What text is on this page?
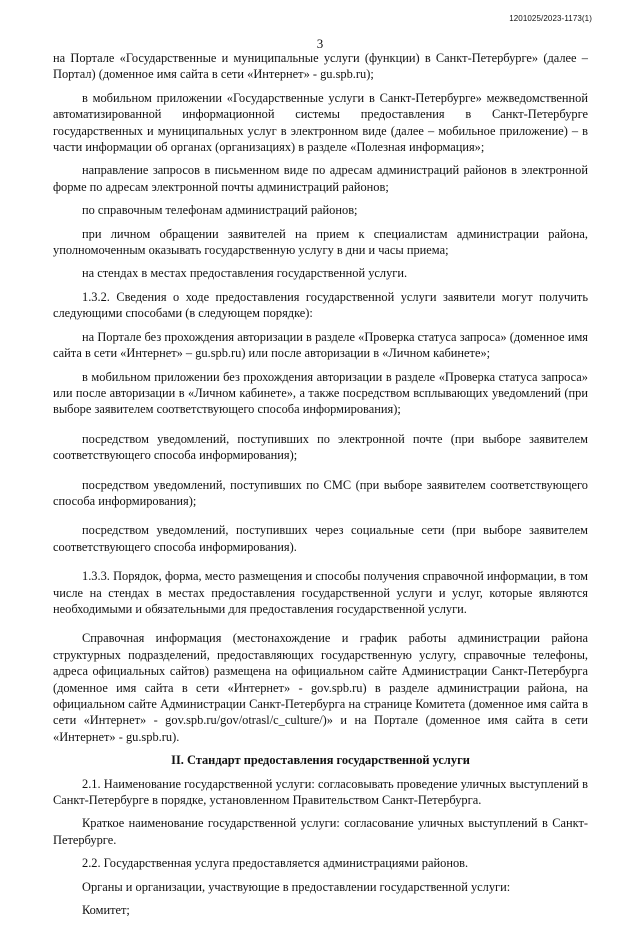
1201025/2023-1173(1)
3

на Портале «Государственные и муниципальные услуги (функции) в Санкт-Петербурге» (далее – Портал) (доменное имя сайта в сети «Интернет» - gu.spb.ru);

в мобильном приложении «Государственные услуги в Санкт-Петербурге» межведомственной автоматизированной информационной системы предоставления в Санкт-Петербурге государственных и муниципальных услуг в электронном виде (далее – мобильное приложение) – в части информации об органах (организациях) в разделе «Полезная информация»;

направление запросов в письменном виде по адресам администраций районов в электронной форме по адресам электронной почты администраций районов;

по справочным телефонам администраций районов;

при личном обращении заявителей на прием к специалистам администрации района, уполномоченным оказывать государственную услугу в дни и часы приема;

на стендах в местах предоставления государственной услуги.

1.3.2. Сведения о ходе предоставления государственной услуги заявители могут получить следующими способами (в следующем порядке):

на Портале без прохождения авторизации в разделе «Проверка статуса запроса» (доменное имя сайта в сети «Интернет» – gu.spb.ru) или после авторизации в «Личном кабинете»;

в мобильном приложении без прохождения авторизации в разделе «Проверка статуса запроса» или после авторизации в «Личном кабинете», а также посредством всплывающих уведомлений (при выборе заявителем соответствующего способа информирования);

посредством уведомлений, поступивших по электронной почте (при выборе заявителем соответствующего способа информирования);

посредством уведомлений, поступивших по СМС (при выборе заявителем соответствующего способа информирования);

посредством уведомлений, поступивших через социальные сети (при выборе заявителем соответствующего способа информирования).

1.3.3. Порядок, форма, место размещения и способы получения справочной информации, в том числе на стендах в местах предоставления государственной услуги и услуг, которые являются необходимыми и обязательными для предоставления государственной услуги.

Справочная информация (местонахождение и график работы администрации района структурных подразделений, предоставляющих государственную услугу, справочные телефоны, адреса официальных сайтов) размещена на официальном сайте Администрации Санкт-Петербурга (доменное имя сайта в сети «Интернет» - gov.spb.ru) в разделе администрации района, на официальном сайте Администрации Санкт-Петербурга на странице Комитета (доменное имя сайта в сети «Интернет» - gov.spb.ru/gov/otrasl/c_culture/)» и на Портале (доменное имя сайта в сети «Интернет» - gu.spb.ru).

II. Стандарт предоставления государственной услуги

2.1. Наименование государственной услуги: согласовывать проведение уличных выступлений в Санкт-Петербурге в порядке, установленном Правительством Санкт-Петербурга.

Краткое наименование государственной услуги: согласование уличных выступлений в Санкт-Петербурге.

2.2. Государственная услуга предоставляется администрациями районов.

Органы и организации, участвующие в предоставлении государственной услуги:

Комитет;
